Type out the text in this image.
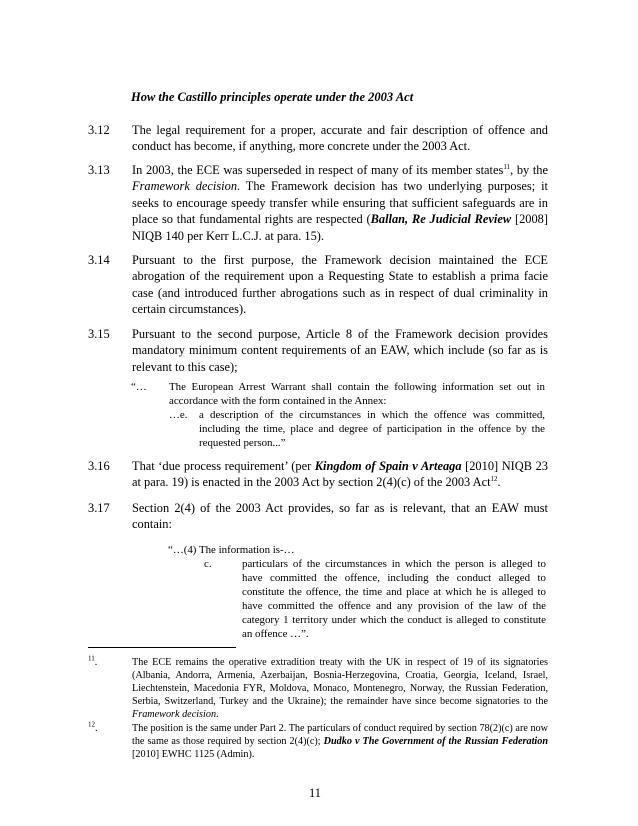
How the Castillo principles operate under the 2003 Act
3.12	The legal requirement for a proper, accurate and fair description of offence and conduct has become, if anything, more concrete under the 2003 Act.
3.13	In 2003, the ECE was superseded in respect of many of its member states$^{11}$, by the Framework decision. The Framework decision has two underlying purposes; it seeks to encourage speedy transfer while ensuring that sufficient safeguards are in place so that fundamental rights are respected (Ballan, Re Judicial Review [2008] NIQB 140 per Kerr L.C.J. at para. 15).
3.14	Pursuant to the first purpose, the Framework decision maintained the ECE abrogation of the requirement upon a Requesting State to establish a prima facie case (and introduced further abrogations such as in respect of dual criminality in certain circumstances).
3.15	Pursuant to the second purpose, Article 8 of the Framework decision provides mandatory minimum content requirements of an EAW, which include (so far as is relevant to this case);
“… The European Arrest Warrant shall contain the following information set out in accordance with the form contained in the Annex:
…e. a description of the circumstances in which the offence was committed, including the time, place and degree of participation in the offence by the requested person...”
3.16	That ‘due process requirement’ (per Kingdom of Spain v Arteaga [2010] NIQB 23 at para. 19) is enacted in the 2003 Act by section 2(4)(c) of the 2003 Act$^{12}$.
3.17	Section 2(4) of the 2003 Act provides, so far as is relevant, that an EAW must contain:
“…(4) The information is-…
c.	particulars of the circumstances in which the person is alleged to have committed the offence, including the conduct alleged to constitute the offence, the time and place at which he is alleged to have committed the offence and any provision of the law of the category 1 territory under which the conduct is alleged to constitute an offence …”.
$^{11}$.	The ECE remains the operative extradition treaty with the UK in respect of 19 of its signatories (Albania, Andorra, Armenia, Azerbaijan, Bosnia-Herzegovina, Croatia, Georgia, Iceland, Israel, Liechtenstein, Macedonia FYR, Moldova, Monaco, Montenegro, Norway, the Russian Federation, Serbia, Switzerland, Turkey and the Ukraine); the remainder have since become signatories to the Framework decision.
$^{12}$.	The position is the same under Part 2. The particulars of conduct required by section 78(2)(c) are now the same as those required by section 2(4)(c); Dudko v The Government of the Russian Federation [2010] EWHC 1125 (Admin).
11
